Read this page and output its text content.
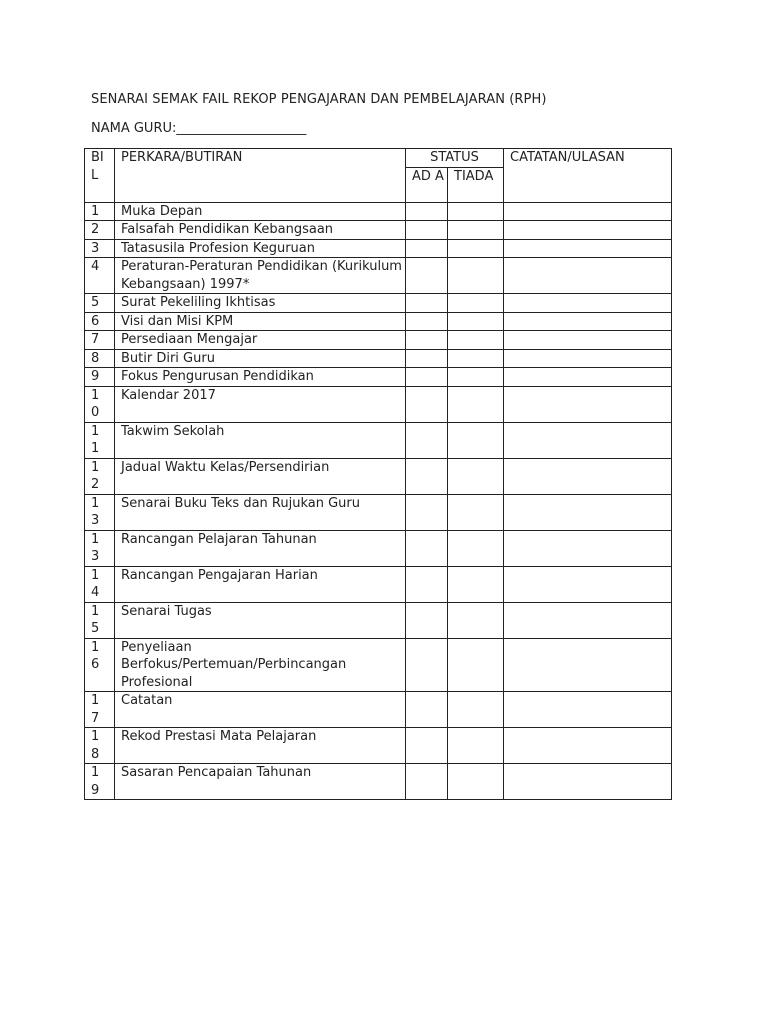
SENARAI SEMAK FAIL REKOP PENGAJARAN DAN PEMBELAJARAN (RPH)
NAMA GURU:____________________
BI L	PERKARA/BUTIRAN	STATUS		CATATAN/ULASAN
		AD A	TIADA	
1	Muka Depan			
2	Falsafah Pendidikan Kebangsaan			
3	Tatasusila Profesion Keguruan			
4	Peraturan-Peraturan Pendidikan (Kurikulum Kebangsaan) 1997*			
5	Surat Pekeliling Ikhtisas			
6	Visi dan Misi KPM			
7	Persediaan Mengajar			
8	Butir Diri Guru			
9	Fokus Pengurusan Pendidikan			
1 0	Kalendar 2017			
1 1	Takwim Sekolah			
1 2	Jadual Waktu Kelas/Persendirian			
1 3	Senarai Buku Teks dan Rujukan Guru			
1 3	Rancangan Pelajaran Tahunan			
1 4	Rancangan Pengajaran Harian			
1 5	Senarai Tugas			
1 6	Penyeliaan Berfokus/Pertemuan/Perbincangan Profesional			
1 7	Catatan			
1 8	Rekod Prestasi Mata Pelajaran			
1 9	Sasaran Pencapaian Tahunan			
